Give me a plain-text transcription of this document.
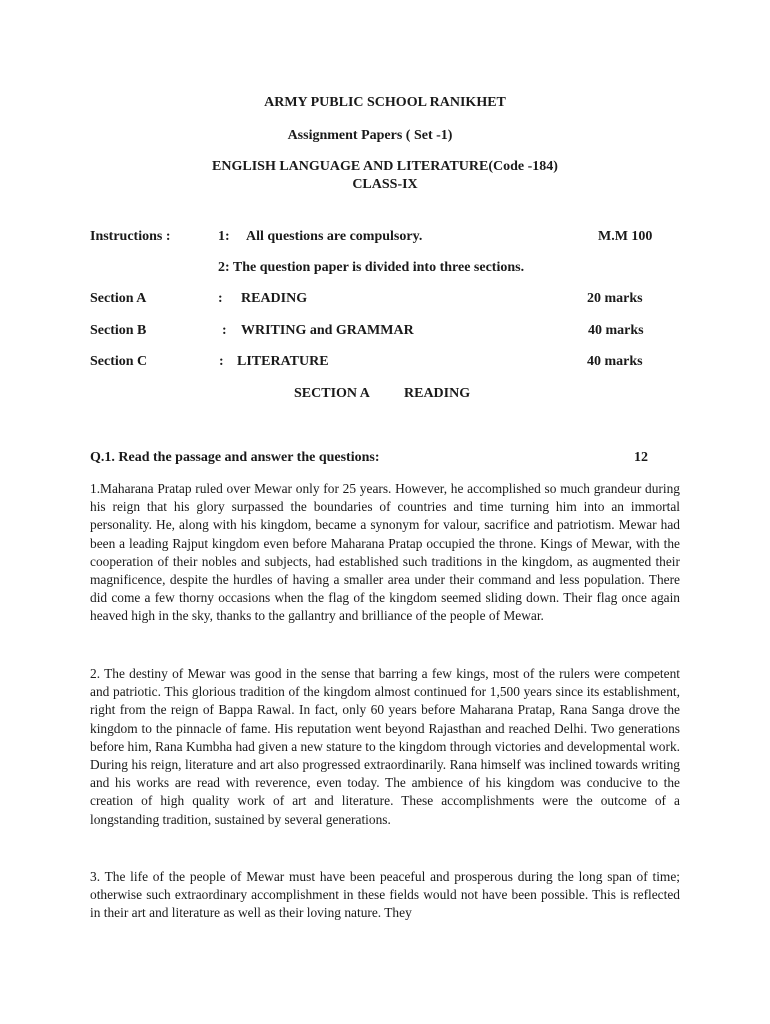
ARMY PUBLIC SCHOOL RANIKHET
Assignment Papers ( Set -1)
ENGLISH LANGUAGE AND LITERATURE(Code -184)
CLASS-IX
Instructions :	1: All questions are compulsory.	M.M 100
2: The question paper is divided into three sections.
Section A	: READING	20 marks
Section B	: WRITING and GRAMMAR	40 marks
Section C	: LITERATURE	40 marks
SECTION A READING
Q.1. Read the passage and answer the questions:	12

1.Maharana Pratap ruled over Mewar only for 25 years. However, he accomplished so much grandeur during his reign that his glory surpassed the boundaries of countries and time turning him into an immortal personality. He, along with his kingdom, became a synonym for valour, sacrifice and patriotism. Mewar had been a leading Rajput kingdom even before Maharana Pratap occupied the throne. Kings of Mewar, with the cooperation of their nobles and subjects, had established such traditions in the kingdom, as augmented their magnificence, despite the hurdles of having a smaller area under their command and less population. There did come a few thorny occasions when the flag of the kingdom seemed sliding down. Their flag once again heaved high in the sky, thanks to the gallantry and brilliance of the people of Mewar.

2. The destiny of Mewar was good in the sense that barring a few kings, most of the rulers were competent and patriotic. This glorious tradition of the kingdom almost continued for 1,500 years since its establishment, right from the reign of Bappa Rawal. In fact, only 60 years before Maharana Pratap, Rana Sanga drove the kingdom to the pinnacle of fame. His reputation went beyond Rajasthan and reached Delhi. Two generations before him, Rana Kumbha had given a new stature to the kingdom through victories and developmental work. During his reign, literature and art also progressed extraordinarily. Rana himself was inclined towards writing and his works are read with reverence, even today. The ambience of his kingdom was conducive to the creation of high quality work of art and literature. These accomplishments were the outcome of a longstanding tradition, sustained by several generations.

3. The life of the people of Mewar must have been peaceful and prosperous during the long span of time; otherwise such extraordinary accomplishment in these fields would not have been possible. This is reflected in their art and literature as well as their loving nature. They
